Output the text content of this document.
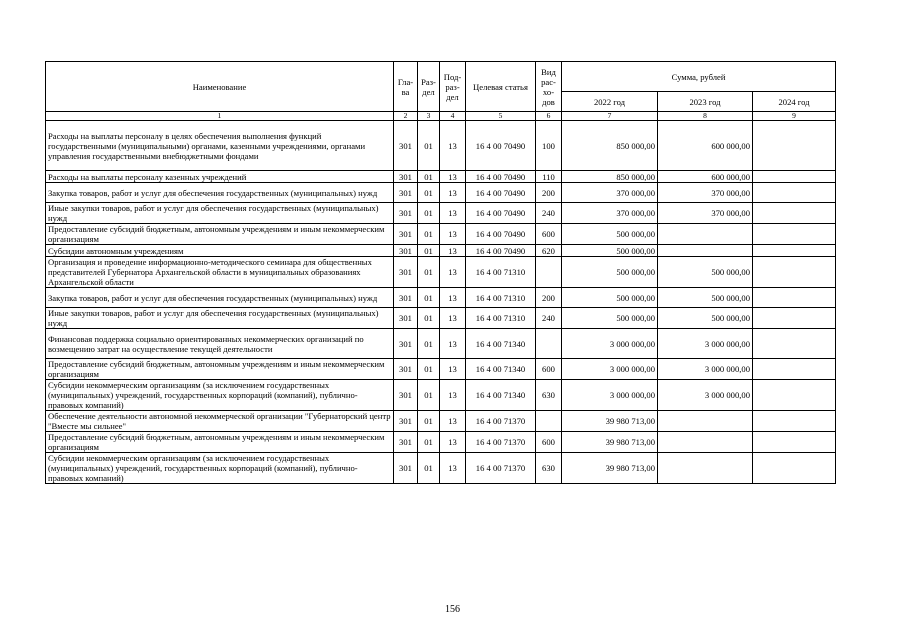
Наименование	Гла-ва	Раз-дел	Под-раз-дел	Целевая статья	Вид рас-хо-дов	Сумма, рублей		
						2022 год	2023 год	2024 год
1	2	3	4	5	6	7	8	9
Расходы на выплаты персоналу в целях обеспечения выполнения функций государственными (муниципальными) органами, казенными учреждениями, органами управления государственными внебюджетными фондами	301	01	13	16 4 00 70490	100	850 000,00	600 000,00	
Расходы на выплаты персоналу казенных учреждений	301	01	13	16 4 00 70490	110	850 000,00	600 000,00	
Закупка товаров, работ и услуг для обеспечения государственных (муниципальных) нужд	301	01	13	16 4 00 70490	200	370 000,00	370 000,00	
Иные закупки товаров, работ и услуг для обеспечения государственных (муниципальных) нужд	301	01	13	16 4 00 70490	240	370 000,00	370 000,00	
Предоставление субсидий бюджетным, автономным учреждениям и иным некоммерческим организациям	301	01	13	16 4 00 70490	600	500 000,00		
Субсидии автономным учреждениям	301	01	13	16 4 00 70490	620	500 000,00		
Организация и проведение информационно-методического семинара для общественных представителей Губернатора Архангельской области в муниципальных образованиях Архангельской области	301	01	13	16 4 00 71310		500 000,00	500 000,00	
Закупка товаров, работ и услуг для обеспечения государственных (муниципальных) нужд	301	01	13	16 4 00 71310	200	500 000,00	500 000,00	
Иные закупки товаров, работ и услуг для обеспечения государственных (муниципальных) нужд	301	01	13	16 4 00 71310	240	500 000,00	500 000,00	
Финансовая поддержка социально ориентированных некоммерческих организаций по возмещению затрат на осуществление текущей деятельности	301	01	13	16 4 00 71340		3 000 000,00	3 000 000,00	
Предоставление субсидий бюджетным, автономным учреждениям и иным некоммерческим организациям	301	01	13	16 4 00 71340	600	3 000 000,00	3 000 000,00	
Субсидии некоммерческим организациям (за исключением государственных (муниципальных) учреждений, государственных корпораций (компаний), публично-правовых компаний)	301	01	13	16 4 00 71340	630	3 000 000,00	3 000 000,00	
Обеспечение деятельности автономной некоммерческой организации "Губернаторский центр "Вместе мы сильнее"	301	01	13	16 4 00 71370		39 980 713,00		
Предоставление субсидий бюджетным, автономным учреждениям и иным некоммерческим организациям	301	01	13	16 4 00 71370	600	39 980 713,00		
Субсидии некоммерческим организациям (за исключением государственных (муниципальных) учреждений, государственных корпораций (компаний), публично-правовых компаний)	301	01	13	16 4 00 71370	630	39 980 713,00		
156
